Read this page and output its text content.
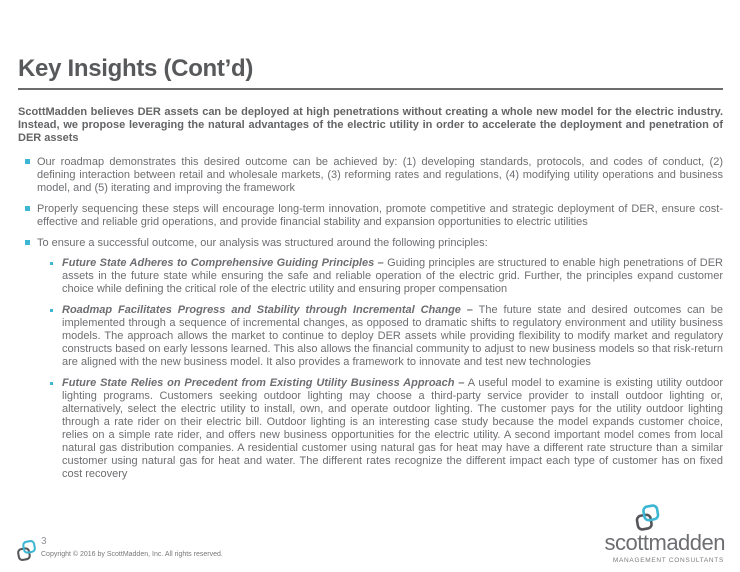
Key Insights (Cont’d)

ScottMadden believes DER assets can be deployed at high penetrations without creating a whole new model for the electric industry. Instead, we propose leveraging the natural advantages of the electric utility in order to accelerate the deployment and penetration of DER assets

Our roadmap demonstrates this desired outcome can be achieved by: (1) developing standards, protocols, and codes of conduct, (2) defining interaction between retail and wholesale markets, (3) reforming rates and regulations, (4) modifying utility operations and business model, and (5) iterating and improving the framework
Properly sequencing these steps will encourage long-term innovation, promote competitive and strategic deployment of DER, ensure cost-effective and reliable grid operations, and provide financial stability and expansion opportunities to electric utilities
To ensure a successful outcome, our analysis was structured around the following principles:
Future State Adheres to Comprehensive Guiding Principles – Guiding principles are structured to enable high penetrations of DER assets in the future state while ensuring the safe and reliable operation of the electric grid. Further, the principles expand customer choice while defining the critical role of the electric utility and ensuring proper compensation
Roadmap Facilitates Progress and Stability through Incremental Change – The future state and desired outcomes can be implemented through a sequence of incremental changes, as opposed to dramatic shifts to regulatory environment and utility business models. The approach allows the market to continue to deploy DER assets while providing flexibility to modify market and regulatory constructs based on early lessons learned. This also allows the financial community to adjust to new business models so that risk-return are aligned with the new business model. It also provides a framework to innovate and test new technologies
Future State Relies on Precedent from Existing Utility Business Approach – A useful model to examine is existing utility outdoor lighting programs. Customers seeking outdoor lighting may choose a third-party service provider to install outdoor lighting or, alternatively, select the electric utility to install, own, and operate outdoor lighting. The customer pays for the utility outdoor lighting through a rate rider on their electric bill. Outdoor lighting is an interesting case study because the model expands customer choice, relies on a simple rate rider, and offers new business opportunities for the electric utility. A second important model comes from local natural gas distribution companies. A residential customer using natural gas for heat may have a different rate structure than a similar customer using natural gas for heat and water. The different rates recognize the different impact each type of customer has on fixed cost recovery
3
Copyright © 2016 by ScottMadden, Inc. All rights reserved.	scottmadden
MANAGEMENT CONSULTANTS
